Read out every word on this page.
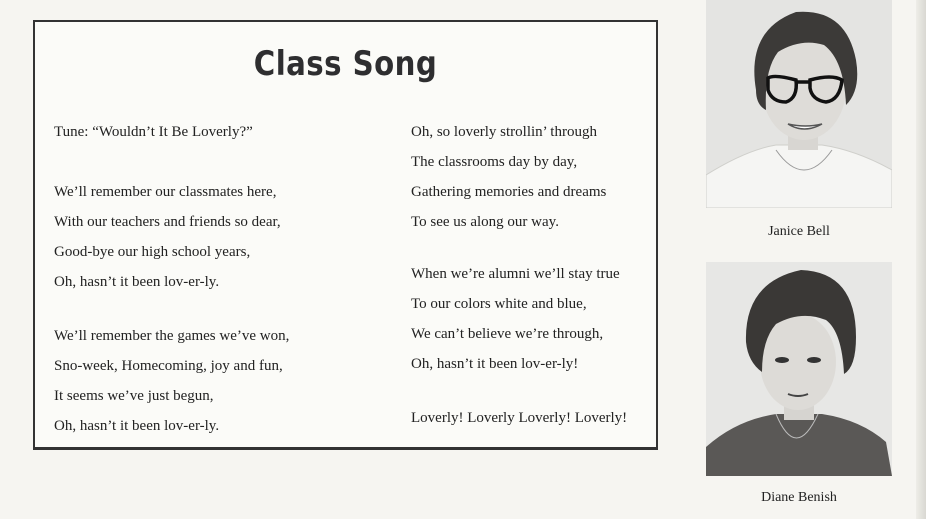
Class Song
Tune: “Wouldn’t It Be Loverly?”
We’ll remember our classmates here,
With our teachers and friends so dear,
Good-bye our high school years,
Oh, hasn’t it been lov-er-ly.
We’ll remember the games we’ve won,
Sno-week, Homecoming, joy and fun,
It seems we’ve just begun,
Oh, hasn’t it been lov-er-ly.
Oh, so loverly strollin’ through
The classrooms day by day,
Gathering memories and dreams
To see us along our way.
When we’re alumni we’ll stay true
To our colors white and blue,
We can’t believe we’re through,
Oh, hasn’t it been lov-er-ly!
Loverly! Loverly Loverly! Loverly!
Janice Bell
Diane Benish
